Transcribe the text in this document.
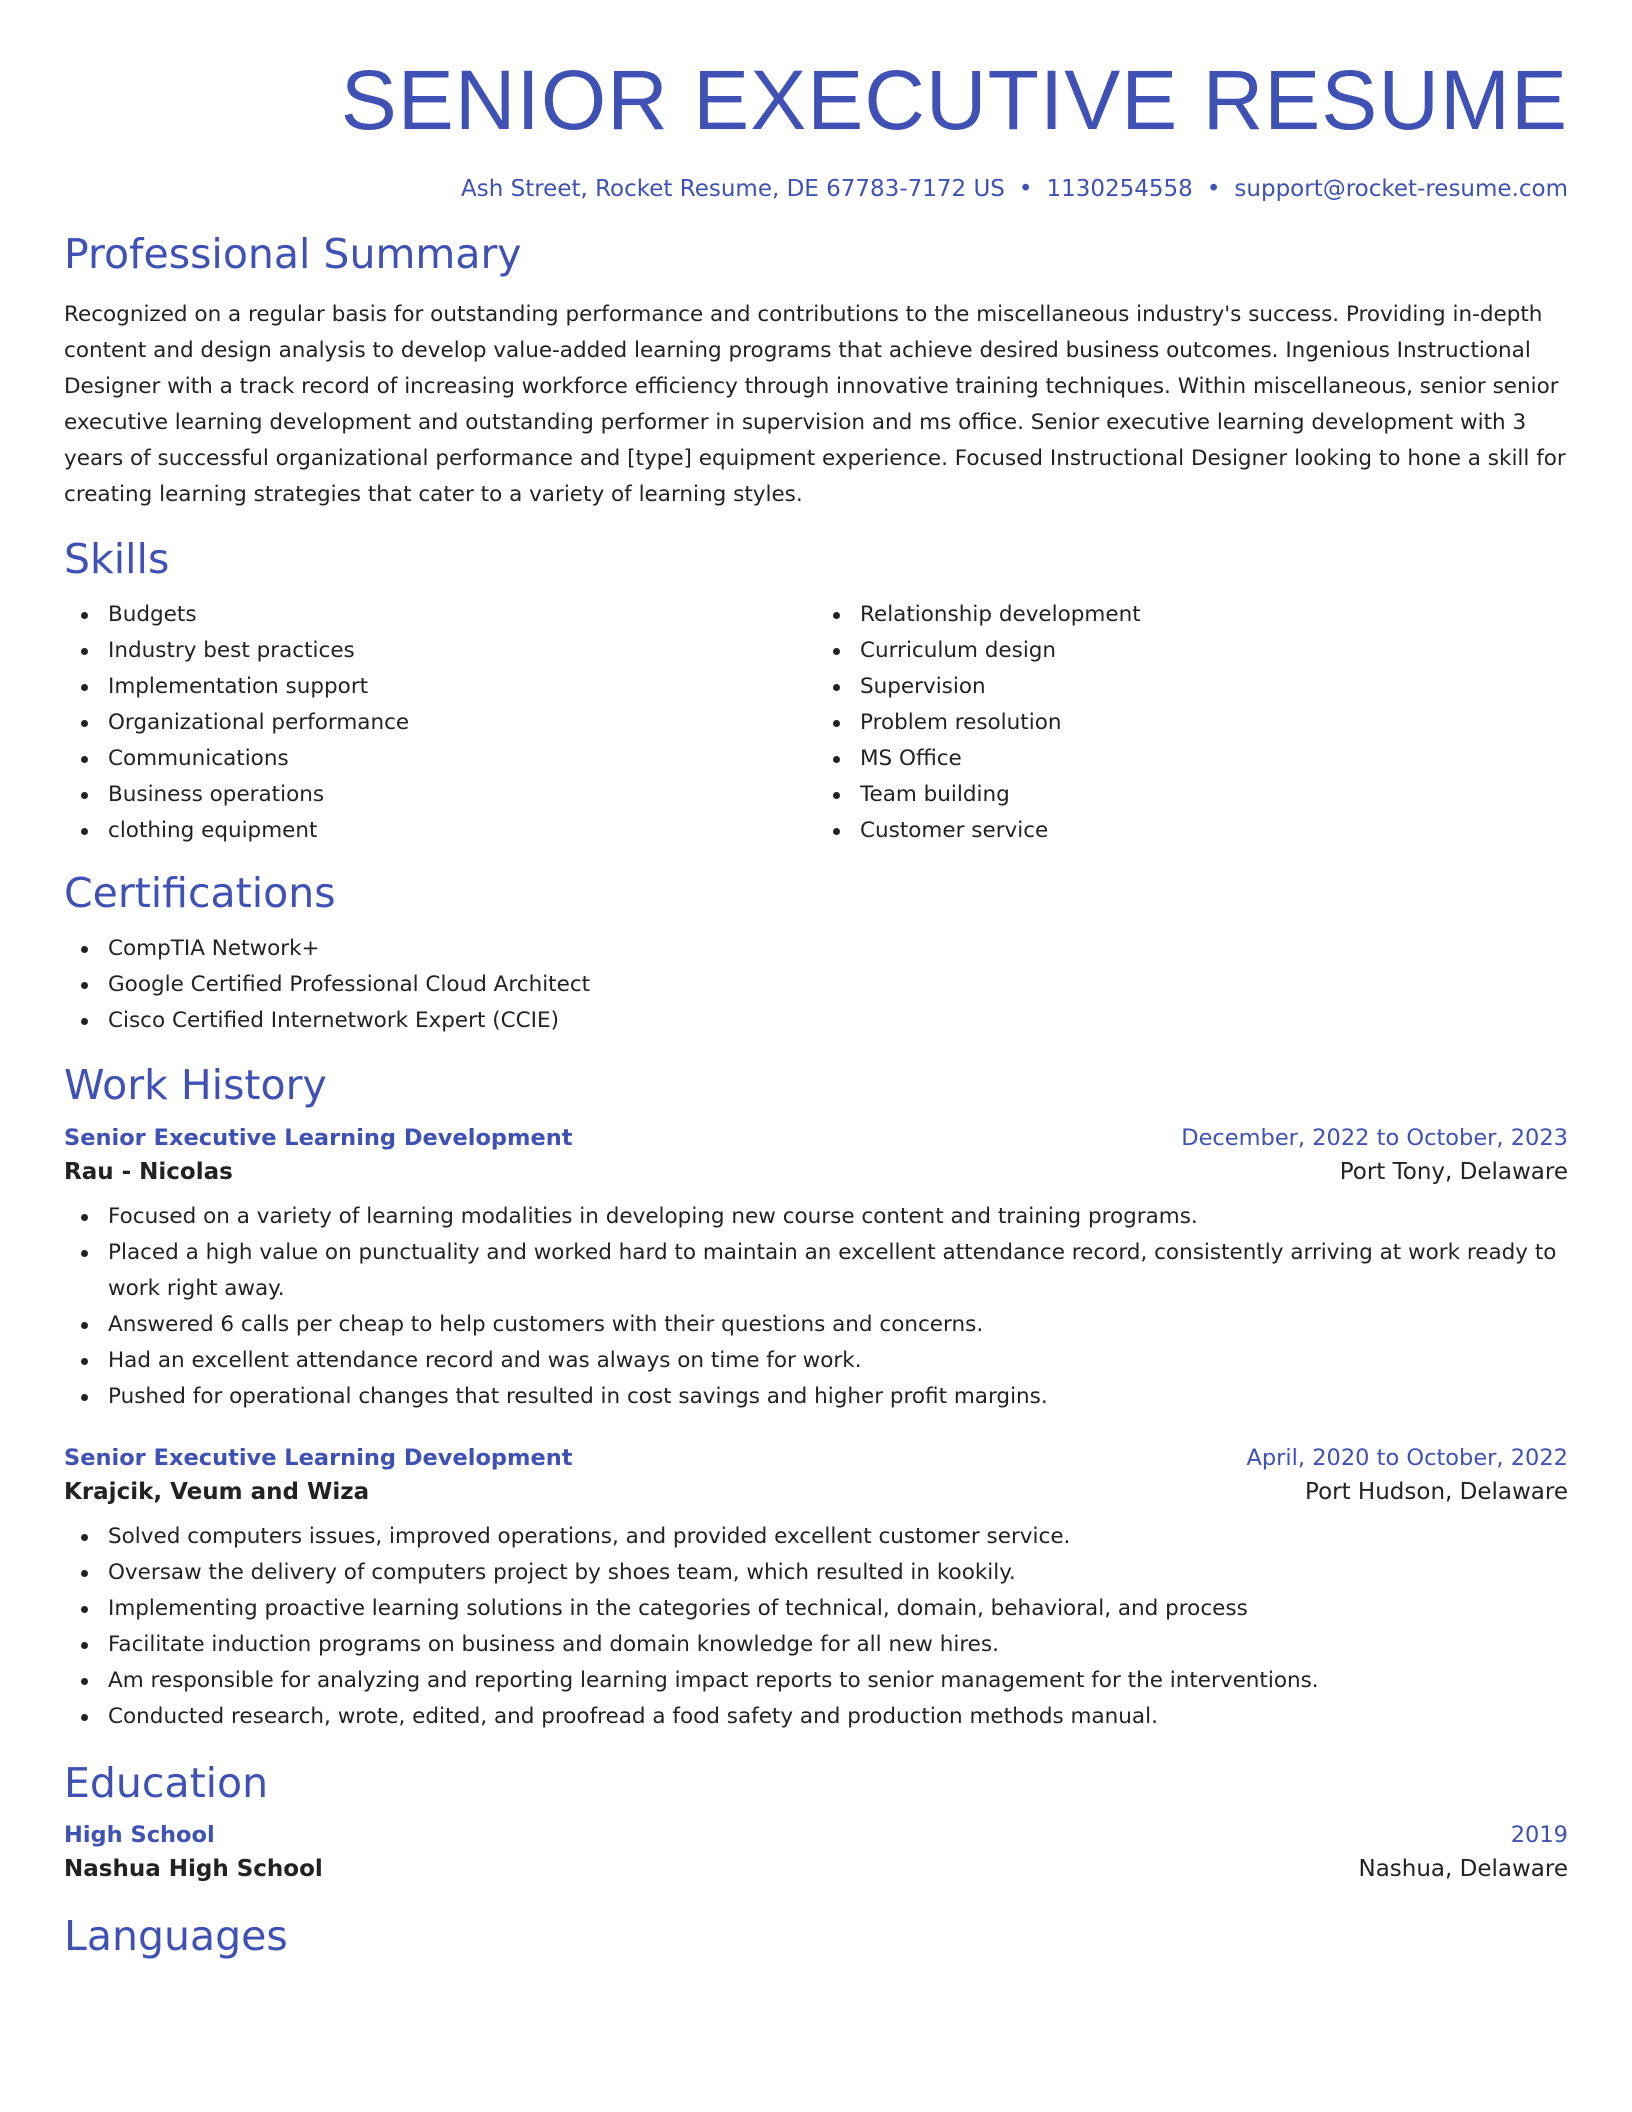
SENIOR EXECUTIVE RESUME
Ash Street, Rocket Resume, DE 67783-7172 US • 1130254558 • support@rocket-resume.com
Professional Summary

Recognized on a regular basis for outstanding performance and contributions to the miscellaneous industry's success. Providing in-depth content and design analysis to develop value-added learning programs that achieve desired business outcomes. Ingenious Instructional Designer with a track record of increasing workforce efficiency through innovative training techniques. Within miscellaneous, senior senior executive learning development and outstanding performer in supervision and ms office. Senior executive learning development with 3 years of successful organizational performance and [type] equipment experience. Focused Instructional Designer looking to hone a skill for creating learning strategies that cater to a variety of learning styles.

Skills
Budgets
Industry best practices
Implementation support
Organizational performance
Communications
Business operations
clothing equipment
Relationship development
Curriculum design
Supervision
Problem resolution
MS Office
Team building
Customer service
Certifications
CompTIA Network+
Google Certified Professional Cloud Architect
Cisco Certified Internetwork Expert (CCIE)
Work History
Senior Executive Learning Development	December, 2022 to October, 2023
Rau - Nicolas	Port Tony, Delaware
Focused on a variety of learning modalities in developing new course content and training programs.
Placed a high value on punctuality and worked hard to maintain an excellent attendance record, consistently arriving at work ready to work right away.
Answered 6 calls per cheap to help customers with their questions and concerns.
Had an excellent attendance record and was always on time for work.
Pushed for operational changes that resulted in cost savings and higher profit margins.
Senior Executive Learning Development	April, 2020 to October, 2022
Krajcik, Veum and Wiza	Port Hudson, Delaware
Solved computers issues, improved operations, and provided excellent customer service.
Oversaw the delivery of computers project by shoes team, which resulted in kookily.
Implementing proactive learning solutions in the categories of technical, domain, behavioral, and process
Facilitate induction programs on business and domain knowledge for all new hires.
Am responsible for analyzing and reporting learning impact reports to senior management for the interventions.
Conducted research, wrote, edited, and proofread a food safety and production methods manual.
Education
High School	2019
Nashua High School	Nashua, Delaware
Languages
